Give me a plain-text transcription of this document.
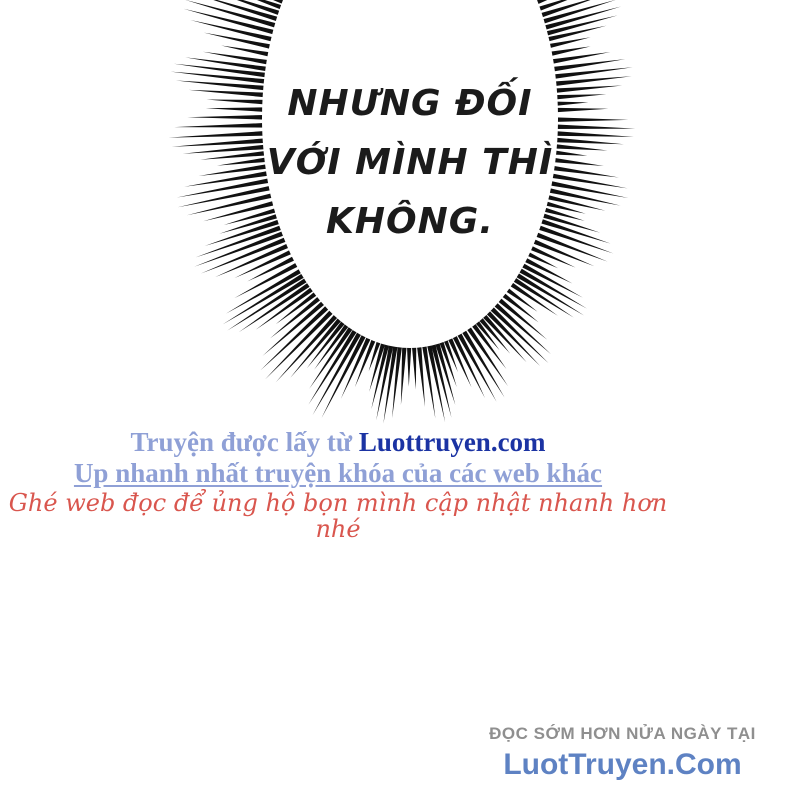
NHƯNG ĐỐI
VỚI MÌNH THÌ
KHÔNG.
Truyện được lấy từ Luottruyen.com
Up nhanh nhất truyện khóa của các web khác
Ghé web đọc để ủng hộ bọn mình cập nhật nhanh hơn nhé
ĐỌC SỚM HƠN NỬA NGÀY TẠI
LuotTruyen.Com
